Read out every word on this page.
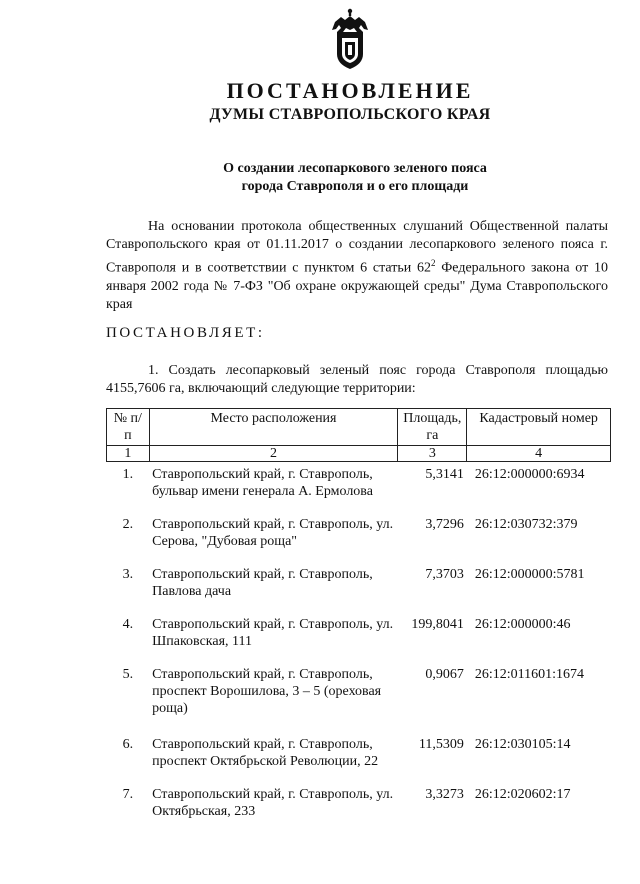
ПОСТАНОВЛЕНИЕ
ДУМЫ СТАВРОПОЛЬСКОГО КРАЯ
О создании лесопаркового зеленого пояса
города Ставрополя и о его площади
На основании протокола общественных слушаний Общественной палаты Ставропольского края от 01.11.2017 о создании лесопаркового зеленого пояса г. Ставрополя и в соответствии с пунктом 6 статьи $62^2$ Федерального закона от 10 января 2002 года № 7-ФЗ "Об охране окружающей среды" Дума Ставропольского края
ПОСТАНОВЛЯЕТ:
1. Создать лесопарковый зеленый пояс города Ставрополя площадью 4155,7606 га, включающий следующие территории:
№ п/п	Место расположения	Площадь, га	Кадастровый номер
1	2	3	4
1.	Ставропольский край, г. Ставрополь, бульвар имени генерала А. Ермолова	5,3141	26:12:000000:6934
2.	Ставропольский край, г. Ставрополь, ул. Серова, "Дубовая роща"	3,7296	26:12:030732:379
3.	Ставропольский край, г. Ставрополь, Павлова дача	7,3703	26:12:000000:5781
4.	Ставропольский край, г. Ставрополь, ул. Шпаковская, 111	199,8041	26:12:000000:46
5.	Ставропольский край, г. Ставрополь, проспект Ворошилова, 3 – 5 (ореховая роща)	0,9067	26:12:011601:1674
6.	Ставропольский край, г. Ставрополь, проспект Октябрьской Революции, 22	11,5309	26:12:030105:14
7.	Ставропольский край, г. Ставрополь, ул. Октябрьская, 233	3,3273	26:12:020602:17
